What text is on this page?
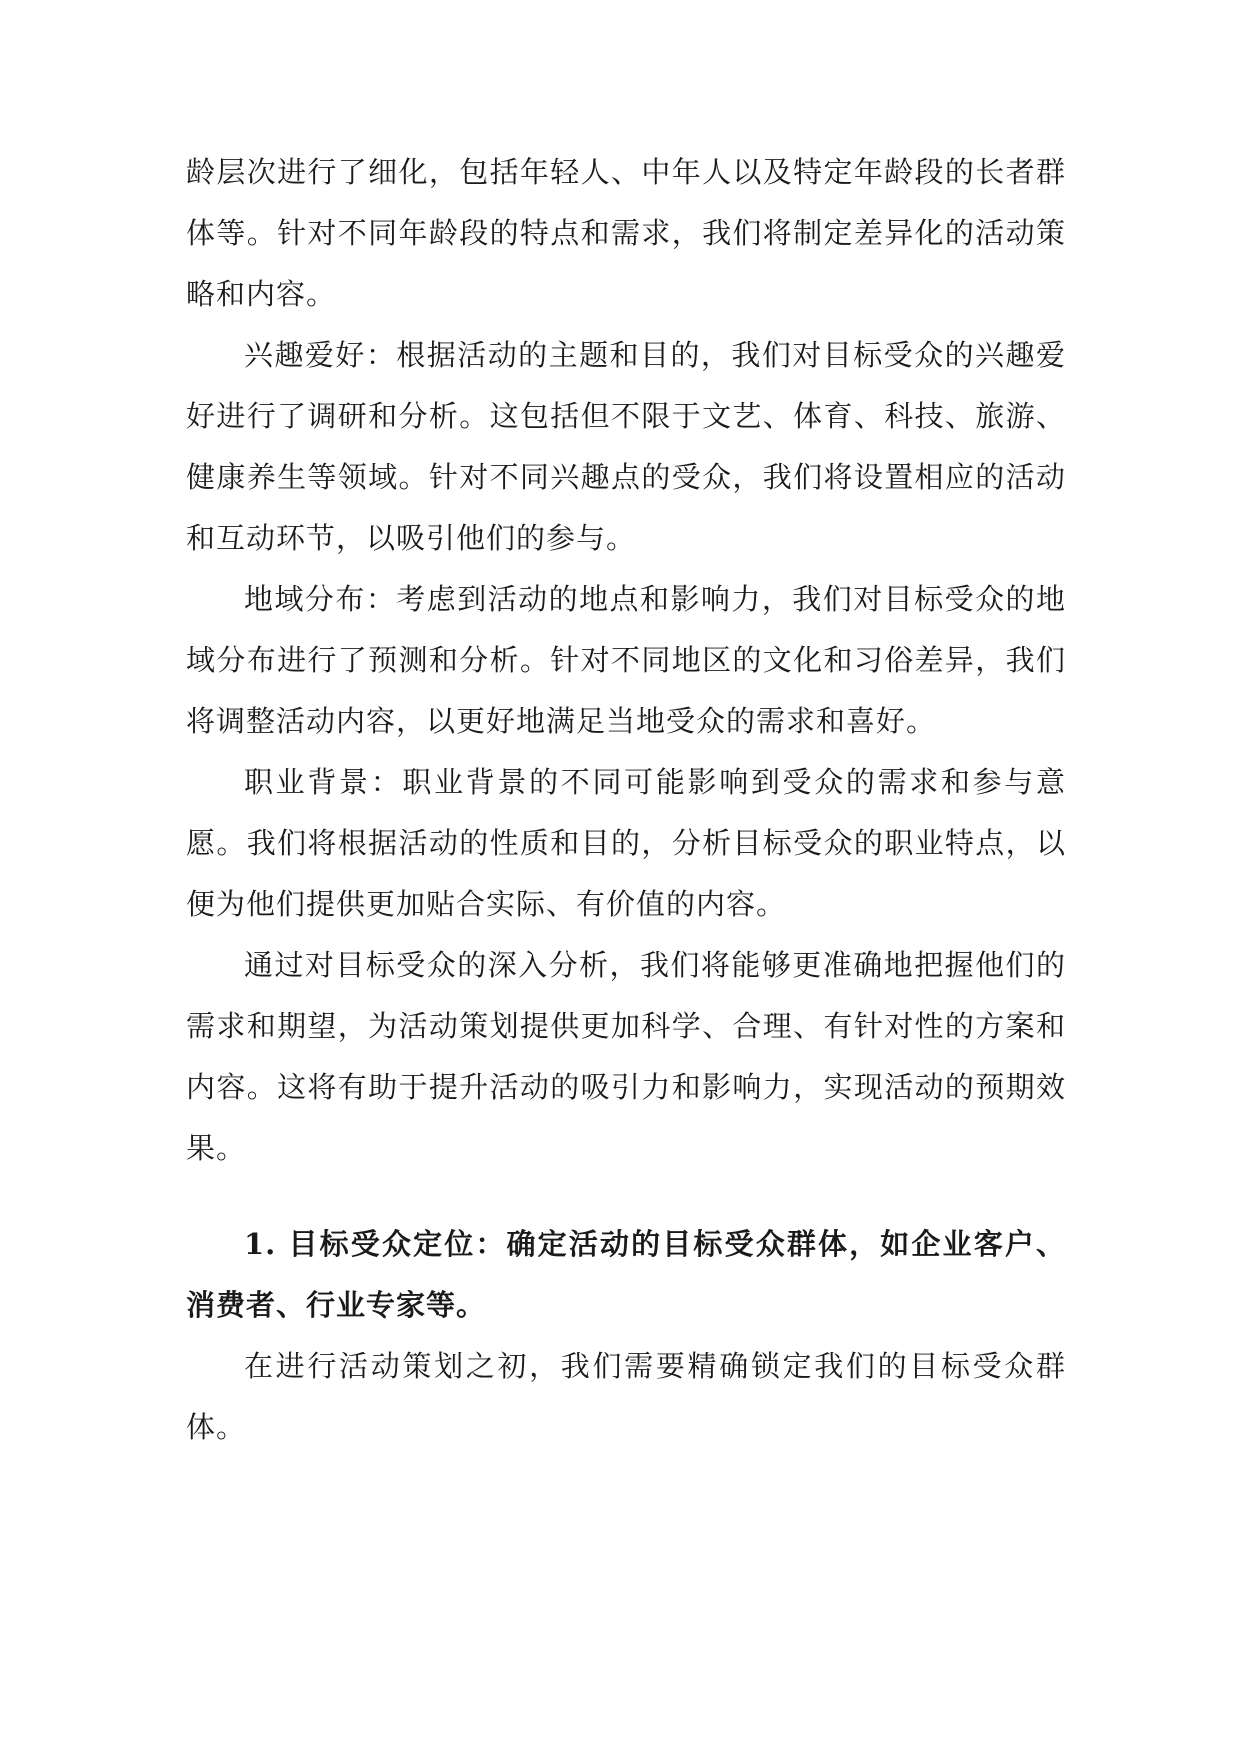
龄层次进行了细化，包括年轻人、中年人以及特定年龄段的长者群体等。针对不同年龄段的特点和需求，我们将制定差异化的活动策略和内容。

兴趣爱好：根据活动的主题和目的，我们对目标受众的兴趣爱好进行了调研和分析。这包括但不限于文艺、体育、科技、旅游、健康养生等领域。针对不同兴趣点的受众，我们将设置相应的活动和互动环节，以吸引他们的参与。

地域分布：考虑到活动的地点和影响力，我们对目标受众的地域分布进行了预测和分析。针对不同地区的文化和习俗差异，我们将调整活动内容，以更好地满足当地受众的需求和喜好。

职业背景：职业背景的不同可能影响到受众的需求和参与意愿。我们将根据活动的性质和目的，分析目标受众的职业特点，以便为他们提供更加贴合实际、有价值的内容。

通过对目标受众的深入分析，我们将能够更准确地把握他们的需求和期望，为活动策划提供更加科学、合理、有针对性的方案和内容。这将有助于提升活动的吸引力和影响力，实现活动的预期效果。

1. 目标受众定位：确定活动的目标受众群体，如企业客户、消费者、行业专家等。

在进行活动策划之初，我们需要精确锁定我们的目标受众群体。
